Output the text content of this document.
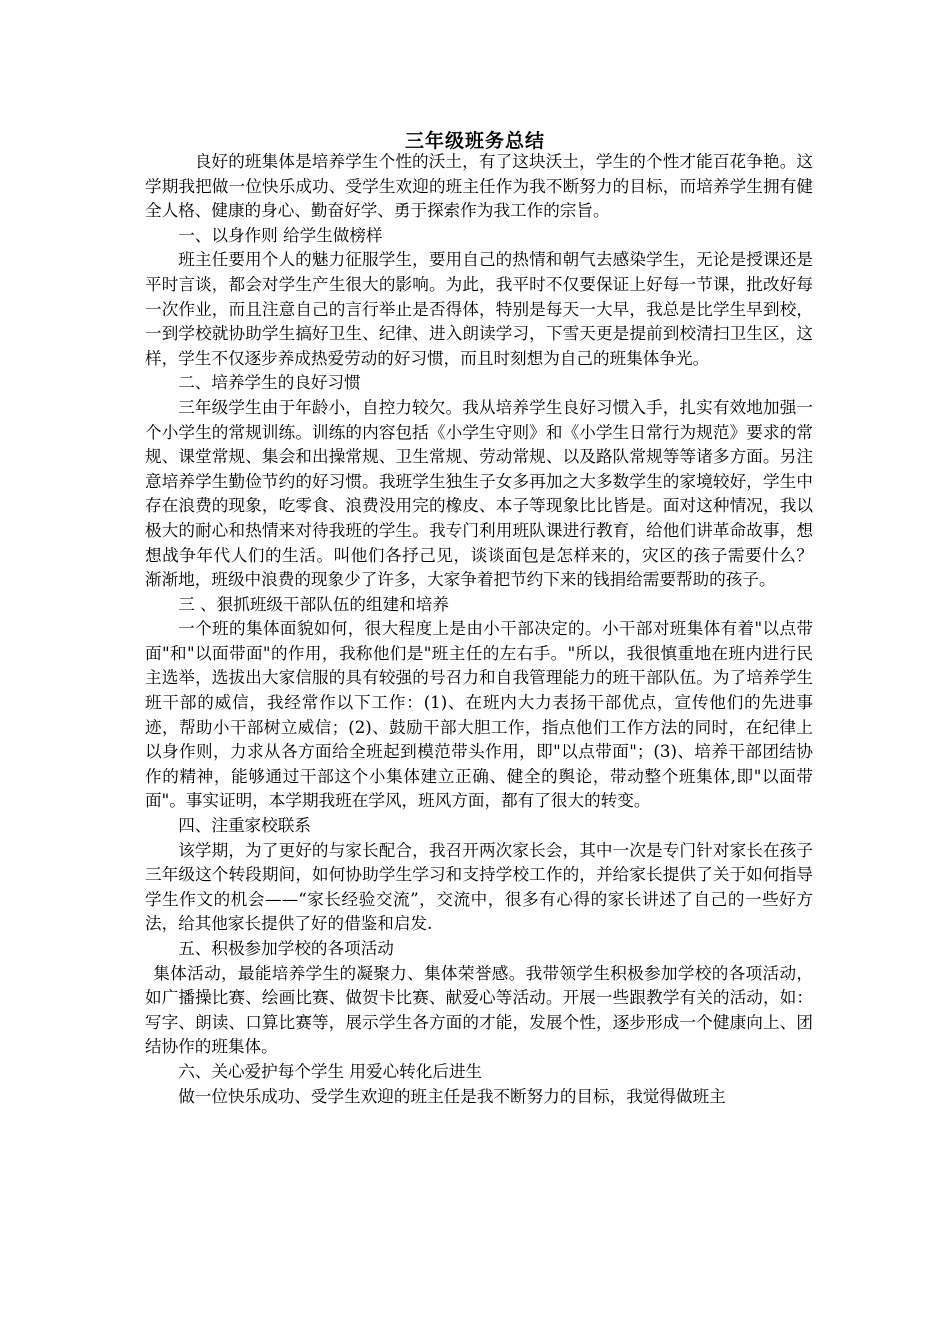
三年级班务总结

良好的班集体是培养学生个性的沃土，有了这块沃土，学生的个性才能百花争艳。这学期我把做一位快乐成功、受学生欢迎的班主任作为我不断努力的目标，而培养学生拥有健全人格、健康的身心、勤奋好学、勇于探索作为我工作的宗旨。

一、以身作则 给学生做榜样

班主任要用个人的魅力征服学生，要用自己的热情和朝气去感染学生，无论是授课还是平时言谈，都会对学生产生很大的影响。为此，我平时不仅要保证上好每一节课，批改好每一次作业，而且注意自己的言行举止是否得体，特别是每天一大早，我总是比学生早到校，一到学校就协助学生搞好卫生、纪律、进入朗读学习，下雪天更是提前到校清扫卫生区，这样，学生不仅逐步养成热爱劳动的好习惯，而且时刻想为自己的班集体争光。

二、培养学生的良好习惯

三年级学生由于年龄小，自控力较欠。我从培养学生良好习惯入手，扎实有效地加强一个小学生的常规训练。训练的内容包括《小学生守则》和《小学生日常行为规范》要求的常规、课堂常规、集会和出操常规、卫生常规、劳动常规、以及路队常规等等诸多方面。另注意培养学生勤俭节约的好习惯。我班学生独生子女多再加之大多数学生的家境较好，学生中存在浪费的现象，吃零食、浪费没用完的橡皮、本子等现象比比皆是。面对这种情况，我以极大的耐心和热情来对待我班的学生。我专门利用班队课进行教育，给他们讲革命故事，想想战争年代人们的生活。叫他们各抒己见，谈谈面包是怎样来的，灾区的孩子需要什么？ 渐渐地，班级中浪费的现象少了许多，大家争着把节约下来的钱捐给需要帮助的孩子。

三 、狠抓班级干部队伍的组建和培养

一个班的集体面貌如何，很大程度上是由小干部决定的。小干部对班集体有着"以点带面"和"以面带面"的作用，我称他们是"班主任的左右手。"所以，我很慎重地在班内进行民主选举，选拔出大家信服的具有较强的号召力和自我管理能力的班干部队伍。为了培养学生班干部的威信，我经常作以下工作：(1)、在班内大力表扬干部优点，宣传他们的先进事迹，帮助小干部树立威信；(2)、鼓励干部大胆工作，指点他们工作方法的同时，在纪律上以身作则，力求从各方面给全班起到模范带头作用，即"以点带面"；(3)、培养干部团结协作的精神，能够通过干部这个小集体建立正确、健全的舆论，带动整个班集体,即"以面带面"。事实证明，本学期我班在学风，班风方面，都有了很大的转变。

四、注重家校联系

该学期，为了更好的与家长配合，我召开两次家长会，其中一次是专门针对家长在孩子三年级这个转段期间，如何协助学生学习和支持学校工作的，并给家长提供了关于如何指导学生作文的机会——“家长经验交流”，交流中，很多有心得的家长讲述了自己的一些好方法，给其他家长提供了好的借鉴和启发.

五、积极参加学校的各项活动

集体活动，最能培养学生的凝聚力、集体荣誉感。我带领学生积极参加学校的各项活动，如广播操比赛、绘画比赛、做贺卡比赛、献爱心等活动。开展一些跟教学有关的活动，如：写字、朗读、口算比赛等，展示学生各方面的才能，发展个性，逐步形成一个健康向上、团结协作的班集体。

六、关心爱护每个学生 用爱心转化后进生

做一位快乐成功、受学生欢迎的班主任是我不断努力的目标，我觉得做班主
